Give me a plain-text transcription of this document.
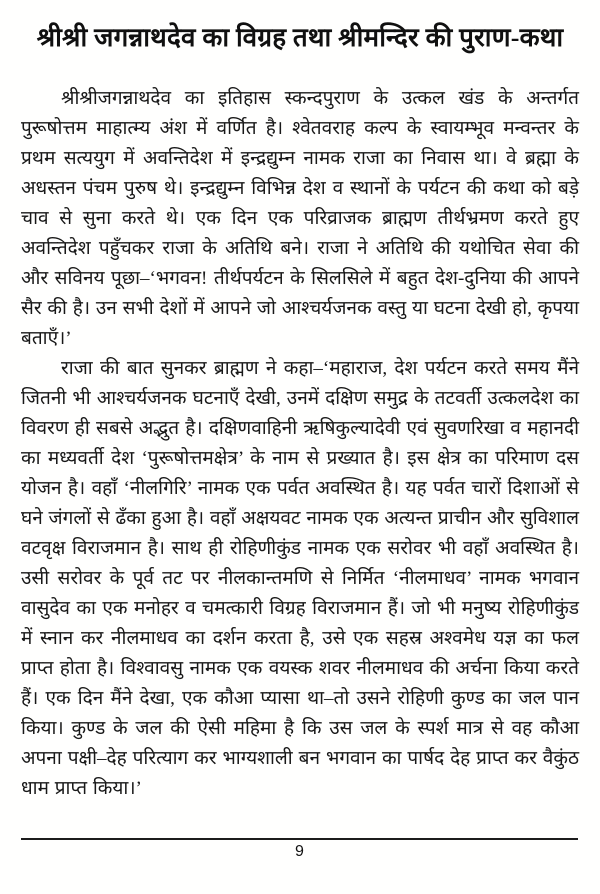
श्रीश्री जगन्नाथदेव का विग्रह तथा श्रीमन्दिर की पुराण-कथा

श्रीश्रीजगन्नाथदेव का इतिहास स्कन्दपुराण के उत्कल खंड के अन्तर्गत पुरूषोत्तम माहात्म्य अंश में वर्णित है। श्वेतवराह कल्प के स्वायम्भूव मन्वन्तर के प्रथम सत्ययुग में अवन्तिदेश में इन्द्रद्युम्न नामक राजा का निवास था। वे ब्रह्मा के अधस्तन पंचम पुरुष थे। इन्द्रद्युम्न विभिन्न देश व स्थानों के पर्यटन की कथा को बड़े चाव से सुना करते थे। एक दिन एक परिव्राजक ब्राह्मण तीर्थभ्रमण करते हुए अवन्तिदेश पहुँचकर राजा के अतिथि बने। राजा ने अतिथि की यथोचित सेवा की और सविनय पूछा–‘भगवन! तीर्थपर्यटन के सिलसिले में बहुत देश-दुनिया की आपने सैर की है। उन सभी देशों में आपने जो आश्चर्यजनक वस्तु या घटना देखी हो, कृपया बताएँ।’

राजा की बात सुनकर ब्राह्मण ने कहा–‘महाराज, देश पर्यटन करते समय मैंने जितनी भी आश्चर्यजनक घटनाएँ देखी, उनमें दक्षिण समुद्र के तटवर्ती उत्कलदेश का विवरण ही सबसे अद्भुत है। दक्षिणवाहिनी ऋषिकुल्यादेवी एवं सुवणरिखा व महानदी का मध्यवर्ती देश ‘पुरूषोत्तमक्षेत्र’ के नाम से प्रख्यात है। इस क्षेत्र का परिमाण दस योजन है। वहाँ ‘नीलगिरि’ नामक एक पर्वत अवस्थित है। यह पर्वत चारों दिशाओं से घने जंगलों से ढँका हुआ है। वहाँ अक्षयवट नामक एक अत्यन्त प्राचीन और सुविशाल वटवृक्ष विराजमान है। साथ ही रोहिणीकुंड नामक एक सरोवर भी वहाँ अवस्थित है। उसी सरोवर के पूर्व तट पर नीलकान्तमणि से निर्मित ‘नीलमाधव’ नामक भगवान वासुदेव का एक मनोहर व चमत्कारी विग्रह विराजमान हैं। जो भी मनुष्य रोहिणीकुंड में स्नान कर नीलमाधव का दर्शन करता है, उसे एक सहस्र अश्वमेध यज्ञ का फल प्राप्त होता है। विश्वावसु नामक एक वयस्क शवर नीलमाधव की अर्चना किया करते हैं। एक दिन मैंने देखा, एक कौआ प्यासा था–तो उसने रोहिणी कुण्ड का जल पान किया। कुण्ड के जल की ऐसी महिमा है कि उस जल के स्पर्श मात्र से वह कौआ अपना पक्षी–देह परित्याग कर भाग्यशाली बन भगवान का पार्षद देह प्राप्त कर वैकुंठ धाम प्राप्त किया।’

9
